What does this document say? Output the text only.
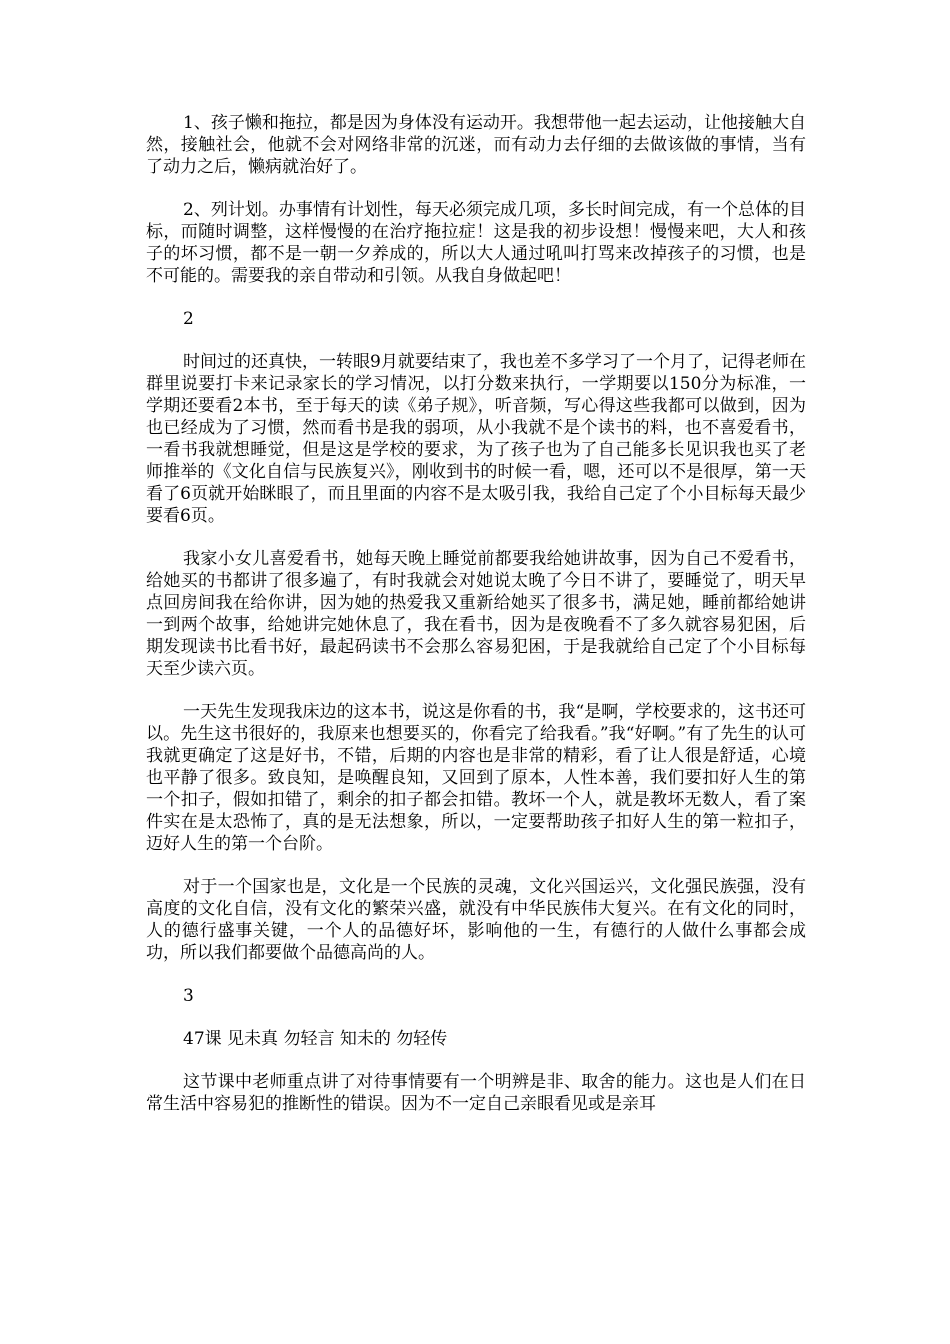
1、孩子懒和拖拉，都是因为身体没有运动开。我想带他一起去运动，让他接触大自然，接触社会，他就不会对网络非常的沉迷，而有动力去仔细的去做该做的事情，当有了动力之后，懒病就治好了。

2、列计划。办事情有计划性，每天必须完成几项，多长时间完成，有一个总体的目标，而随时调整，这样慢慢的在治疗拖拉症！这是我的初步设想！慢慢来吧，大人和孩子的坏习惯，都不是一朝一夕养成的，所以大人通过吼叫打骂来改掉孩子的习惯，也是不可能的。需要我的亲自带动和引领。从我自身做起吧！

2

时间过的还真快，一转眼9月就要结束了，我也差不多学习了一个月了，记得老师在群里说要打卡来记录家长的学习情况，以打分数来执行，一学期要以150分为标准，一学期还要看2本书，至于每天的读《弟子规》，听音频，写心得这些我都可以做到，因为也已经成为了习惯，然而看书是我的弱项，从小我就不是个读书的料，也不喜爱看书，一看书我就想睡觉，但是这是学校的要求，为了孩子也为了自己能多长见识我也买了老师推举的《文化自信与民族复兴》，刚收到书的时候一看，嗯，还可以不是很厚，第一天看了6页就开始眯眼了，而且里面的内容不是太吸引我，我给自己定了个小目标每天最少要看6页。

我家小女儿喜爱看书，她每天晚上睡觉前都要我给她讲故事，因为自己不爱看书，给她买的书都讲了很多遍了，有时我就会对她说太晚了今日不讲了，要睡觉了，明天早点回房间我在给你讲，因为她的热爱我又重新给她买了很多书，满足她，睡前都给她讲一到两个故事，给她讲完她休息了，我在看书，因为是夜晚看不了多久就容易犯困，后期发现读书比看书好，最起码读书不会那么容易犯困，于是我就给自己定了个小目标每天至少读六页。

一天先生发现我床边的这本书，说这是你看的书，我“是啊，学校要求的，这书还可以。先生这书很好的，我原来也想要买的，你看完了给我看。”我“好啊。”有了先生的认可我就更确定了这是好书，不错，后期的内容也是非常的精彩，看了让人很是舒适，心境也平静了很多。致良知，是唤醒良知，又回到了原本，人性本善，我们要扣好人生的第一个扣子，假如扣错了，剩余的扣子都会扣错。教坏一个人，就是教坏无数人，看了案件实在是太恐怖了，真的是无法想象，所以，一定要帮助孩子扣好人生的第一粒扣子，迈好人生的第一个台阶。

对于一个国家也是，文化是一个民族的灵魂，文化兴国运兴，文化强民族强，没有高度的文化自信，没有文化的繁荣兴盛，就没有中华民族伟大复兴。在有文化的同时，人的德行盛事关键，一个人的品德好坏，影响他的一生，有德行的人做什么事都会成功，所以我们都要做个品德高尚的人。

3

47课 见未真 勿轻言 知未的 勿轻传

这节课中老师重点讲了对待事情要有一个明辨是非、取舍的能力。这也是人们在日常生活中容易犯的推断性的错误。因为不一定自己亲眼看见或是亲耳
